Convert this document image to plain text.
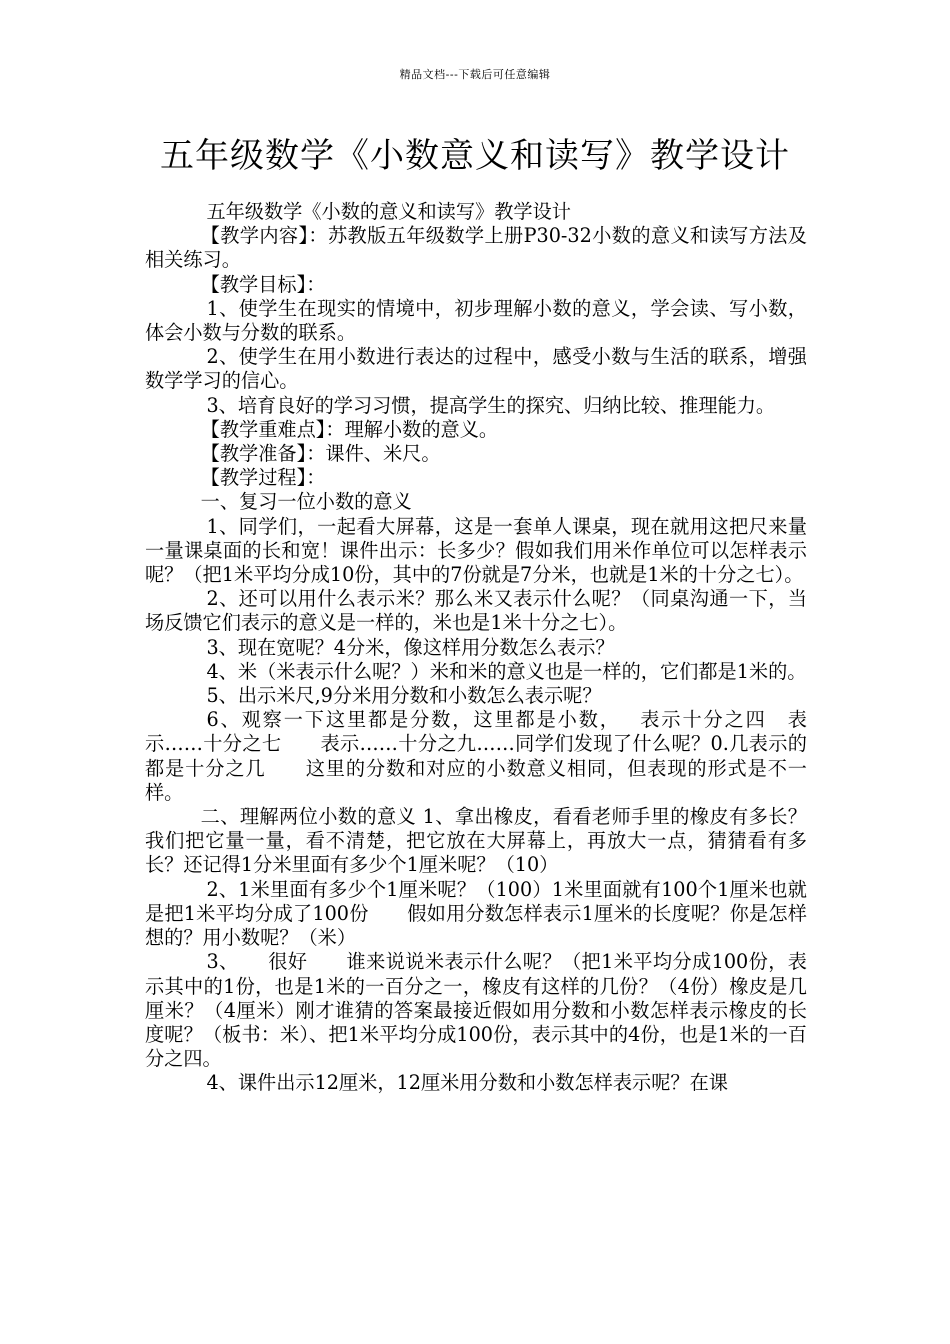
精品文档---下载后可任意编辑
五年级数学《小数意义和读写》教学设计

五年级数学《小数的意义和读写》教学设计

【教学内容】：苏教版五年级数学上册P30-32小数的意义和读写方法及相关练习。

【教学目标】：

1、使学生在现实的情境中，初步理解小数的意义，学会读、写小数，体会小数与分数的联系。

2、使学生在用小数进行表达的过程中，感受小数与生活的联系，增强数学学习的信心。

3、培育良好的学习习惯，提高学生的探究、归纳比较、推理能力。

【教学重难点】：理解小数的意义。

【教学准备】：课件、米尺。

【教学过程】：

一、复习一位小数的意义

1、同学们，一起看大屏幕，这是一套单人课桌，现在就用这把尺来量一量课桌面的长和宽！课件出示：长多少？假如我们用米作单位可以怎样表示呢？（把1米平均分成10份，其中的7份就是7分米，也就是1米的十分之七）。

2、还可以用什么表示米？那么米又表示什么呢？（同桌沟通一下，当场反馈它们表示的意义是一样的，米也是1米十分之七）。

3、现在宽呢？4分米，像这样用分数怎么表示？

4、米（米表示什么呢？）米和米的意义也是一样的，它们都是1米的。

5、出示米尺,9分米用分数和小数怎么表示呢？

6、观察一下这里都是分数，这里都是小数，　 表示十分之四　表示……十分之七　　表示……十分之九……同学们发现了什么呢？0.几表示的都是十分之几　　这里的分数和对应的小数意义相同，但表现的形式是不一样。

二、理解两位小数的意义 1、拿出橡皮，看看老师手里的橡皮有多长？我们把它量一量，看不清楚，把它放在大屏幕上，再放大一点，猜猜看有多长？还记得1分米里面有多少个1厘米呢？（10）

2、1米里面有多少个1厘米呢？（100）1米里面就有100个1厘米也就是把1米平均分成了100份　　假如用分数怎样表示1厘米的长度呢？你是怎样想的？用小数呢？（米）

3、　　很好　　谁来说说米表示什么呢？（把1米平均分成100份，表示其中的1份，也是1米的一百分之一，橡皮有这样的几份？（4份）橡皮是几厘米？（4厘米）刚才谁猜的答案最接近假如用分数和小数怎样表示橡皮的长度呢？（板书：米）、把1米平均分成100份，表示其中的4份，也是1米的一百分之四。

4、课件出示12厘米，12厘米用分数和小数怎样表示呢？在课
